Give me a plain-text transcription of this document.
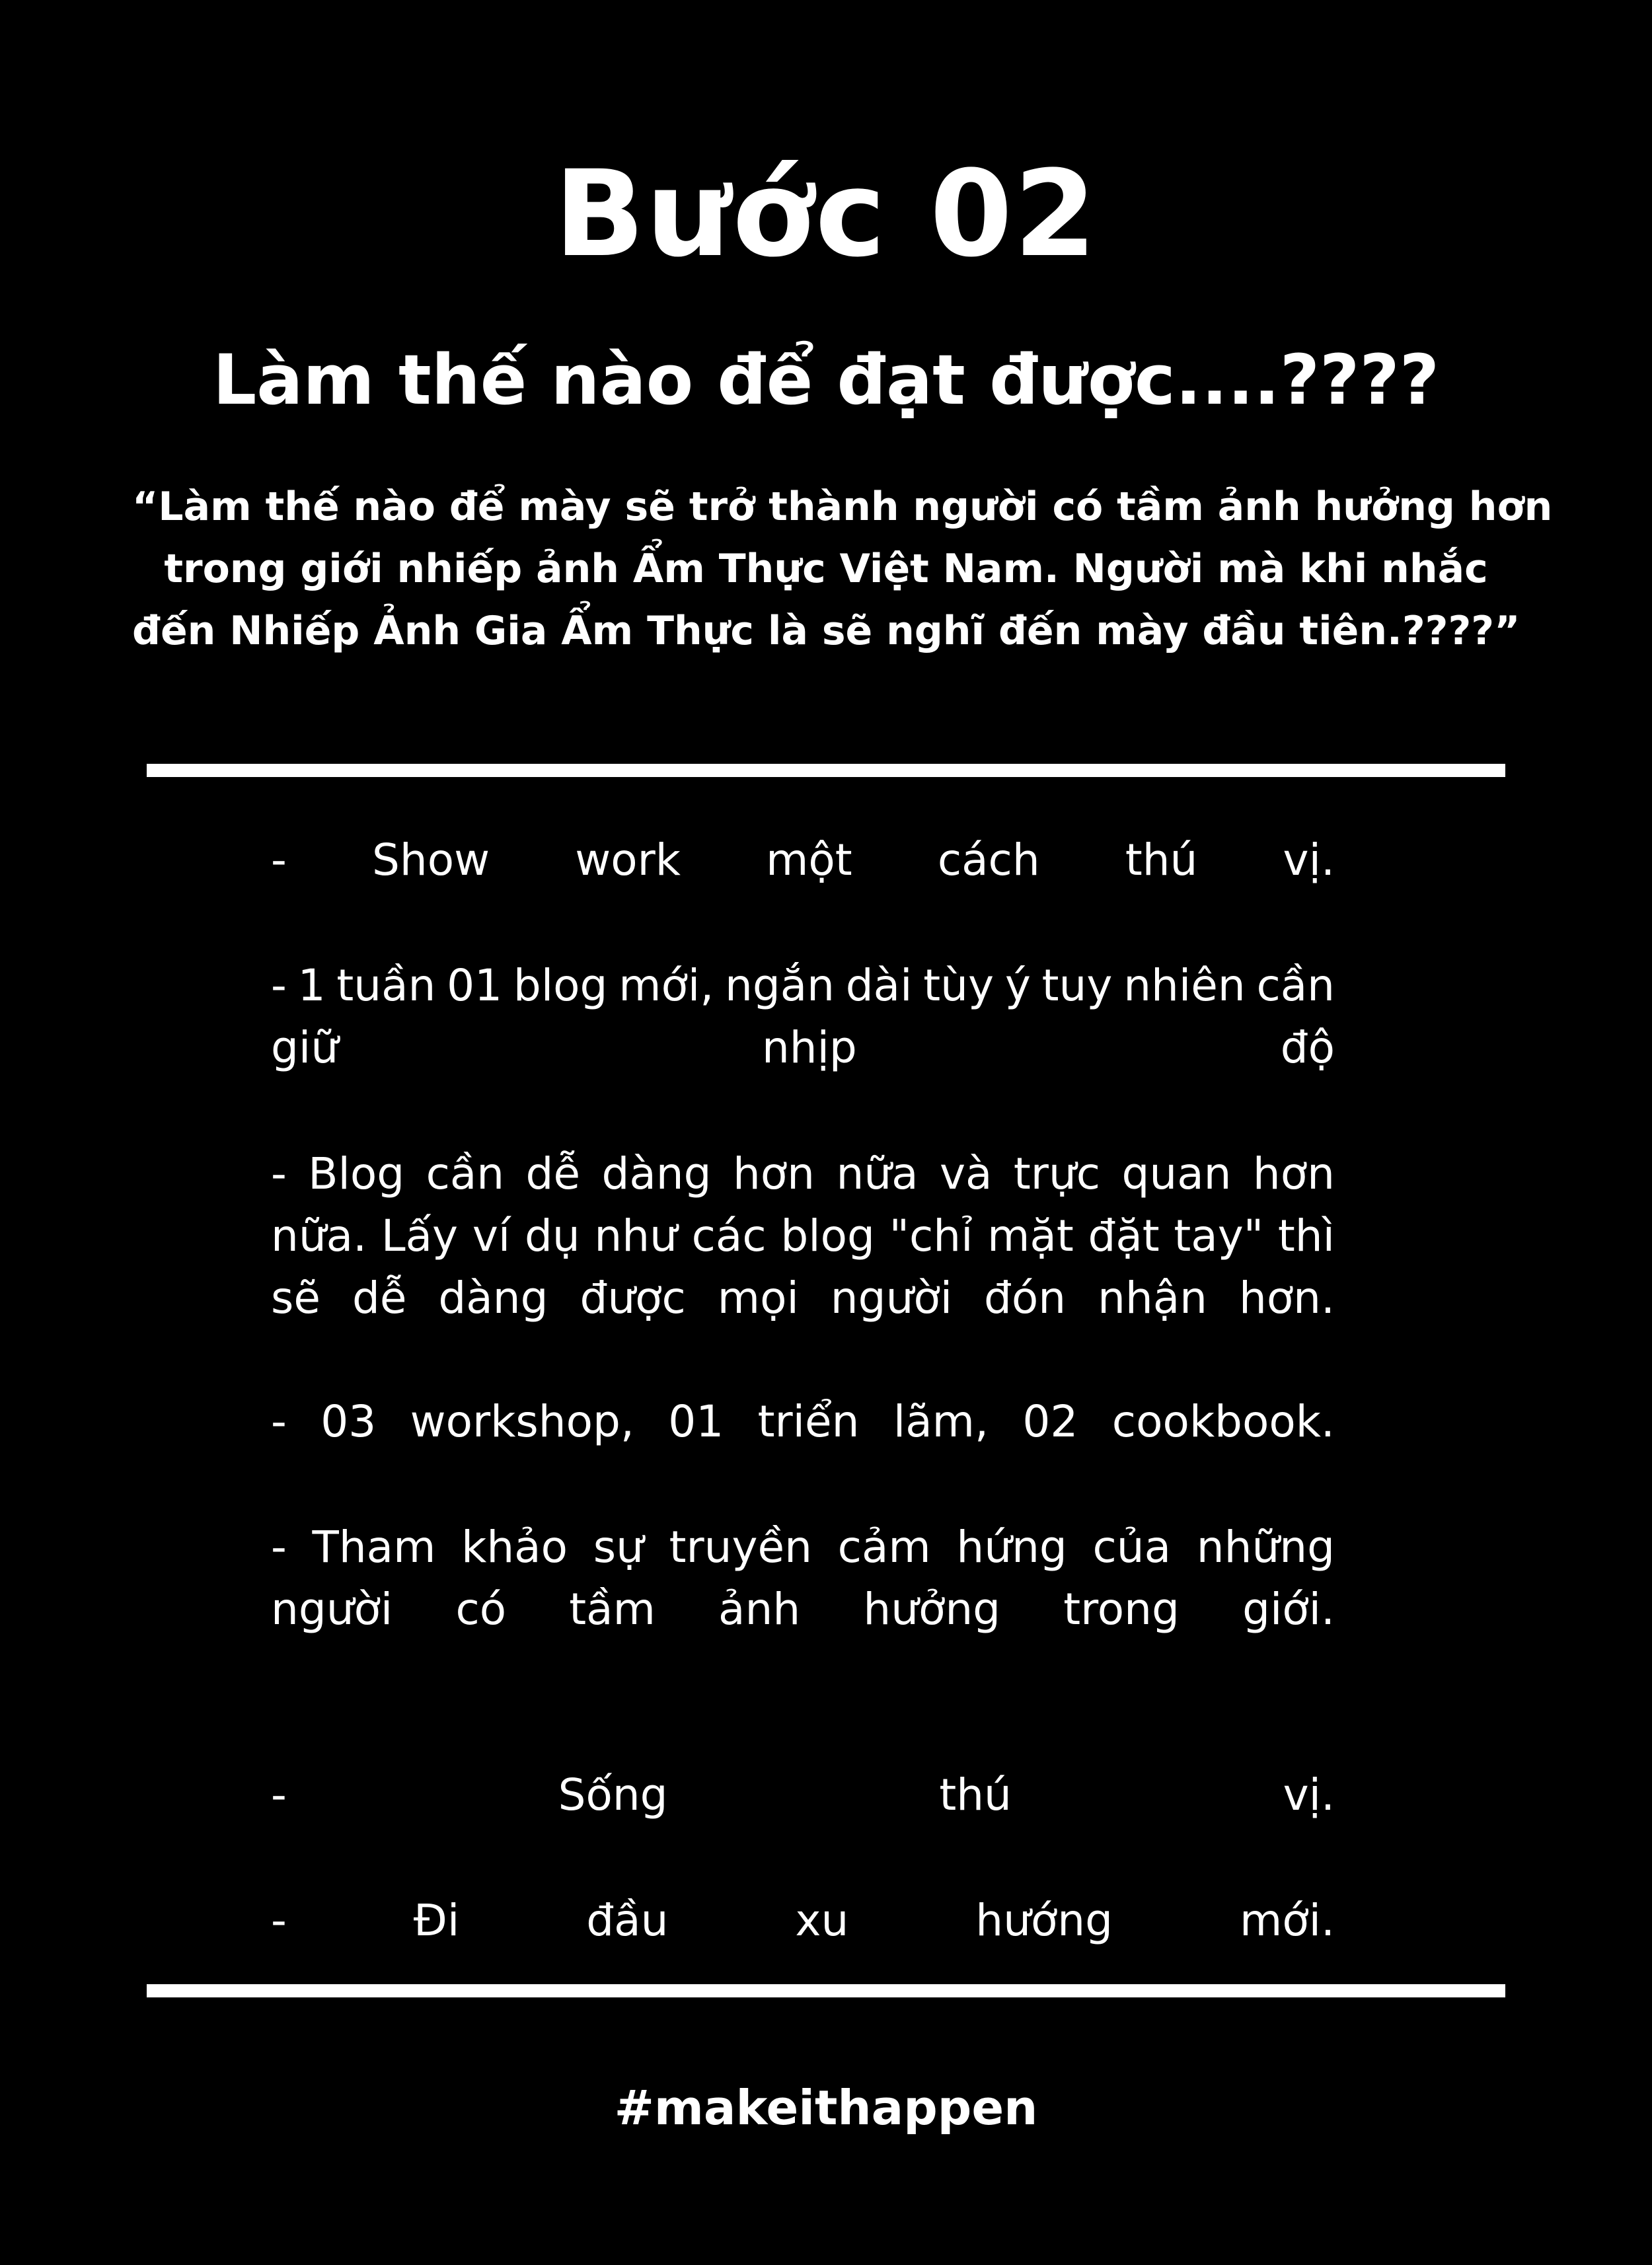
Bước 02
Làm thế nào để đạt được....????

“Làm thế nào để mày sẽ trở thành người có tầm ảnh hưởng hơn
trong giới nhiếp ảnh Ẩm Thực Việt Nam. Người mà khi nhắc
đến Nhiếp Ảnh Gia Ẩm Thực là sẽ nghĩ đến mày đầu tiên.????”

- Show work một cách thú vị.
- 1 tuần 01 blog mới, ngắn dài tùy ý tuy nhiên cần
giữ	nhịp	độ
- Blog cần dễ dàng hơn nữa và trực quan hơn
nữa. Lấy ví dụ như các blog "chỉ mặt đặt tay" thì
sẽ dễ dàng được mọi người đón nhận hơn.
- 03 workshop, 01 triển lãm, 02 cookbook.
- Tham khảo sự truyền cảm hứng của những
người có tầm ảnh hưởng trong giới.
-	Sống	thú	vị.
-	Đi	đầu	xu	hướng	mới.
#makeithappen
